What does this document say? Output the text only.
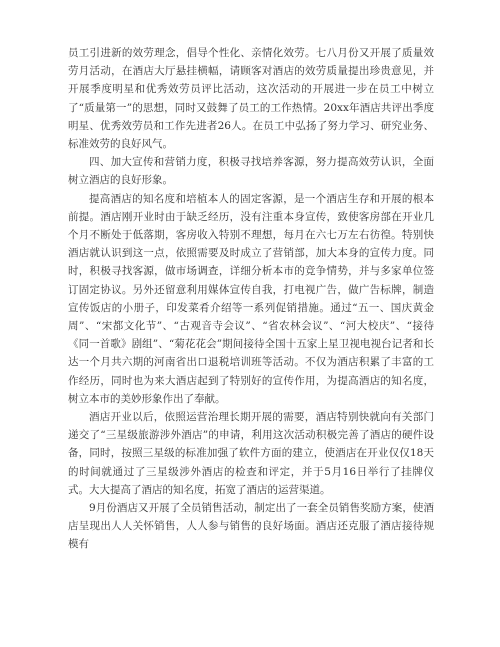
员工引进新的效劳理念，倡导个性化、亲情化效劳。七八月份又开展了质量效劳月活动，在酒店大厅悬挂横幅，请顾客对酒店的效劳质量提出珍贵意见，并开展季度明星和优秀效劳员评比活动，这次活动的开展进一步在员工中树立了“质量第一”的思想，同时又鼓舞了员工的工作热情。20xx年酒店共评出季度明星、优秀效劳员和工作先进者26人。在员工中弘扬了努力学习、研究业务、标准效劳的良好风气。

四、加大宣传和营销力度，积极寻找培养客源，努力提高效劳认识，全面树立酒店的良好形象。

提高酒店的知名度和培植本人的固定客源，是一个酒店生存和开展的根本前提。酒店刚开业时由于缺乏经历，没有注重本身宣传，致使客房部在开业几个月不断处于低落期，客房收入特别不理想，每月在六七万左右彷徨。特别快酒店就认识到这一点，依照需要及时成立了营销部，加大本身的宣传力度。同时，积极寻找客源，做市场调查，详细分析本市的竞争情势，并与多家单位签订固定协议。另外还留意利用媒体宣传自我，打电视广告，做广告标牌，制造宣传饭店的小册子，印发菜肴介绍等一系列促销措施。通过“五一、国庆黄金周”、“宋都文化节”、“古观音寺会议”、“省农林会议”、“河大校庆”、“接待《同一首歌》剧组”、“菊花花会”期间接待全国十五家上星卫视电视台记者和长达一个月共六期的河南省出口退税培训班等活动。不仅为酒店积累了丰富的工作经历，同时也为来大酒店起到了特别好的宣传作用，为提高酒店的知名度，树立本市的美妙形象作出了奉献。

酒店开业以后，依照运营治理长期开展的需要，酒店特别快就向有关部门递交了“三星级旅游涉外酒店”的申请，利用这次活动积极完善了酒店的硬件设备，同时，按照三星级的标准加强了软件方面的建立，使酒店在开业仅仅18天的时间就通过了三星级涉外酒店的检查和评定，并于5月16日举行了挂牌仪式。大大提高了酒店的知名度，拓宽了酒店的运营渠道。

9月份酒店又开展了全员销售活动，制定出了一套全员销售奖励方案，使酒店呈现出人人关怀销售，人人参与销售的良好场面。酒店还克服了酒店接待规模有
